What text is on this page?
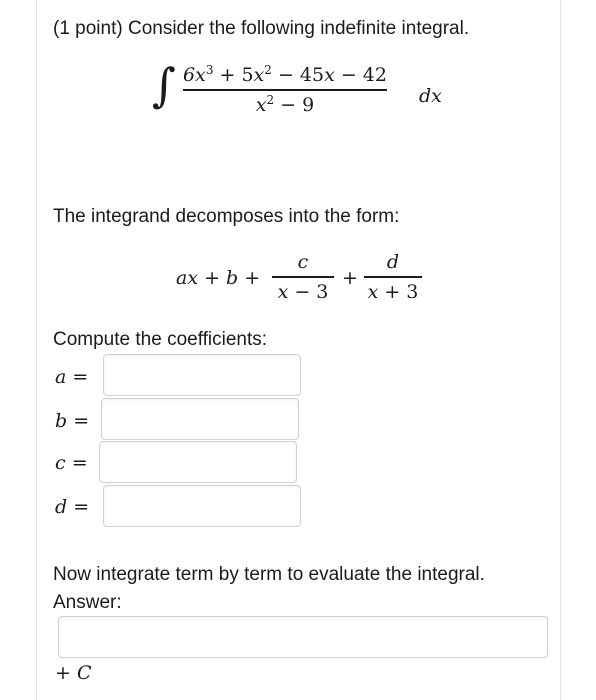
(1 point) Consider the following indefinite integral.
∫ $6x^3 + 5x^2 - 45x - 42$
$x^2 - 9$	dx
The integrand decomposes into the form:
ax + b +
c
x − 3
+
d
x + 3
Compute the coefficients:
a =
b =
c =
d =
Now integrate term by term to evaluate the integral.
Answer:
+ C
